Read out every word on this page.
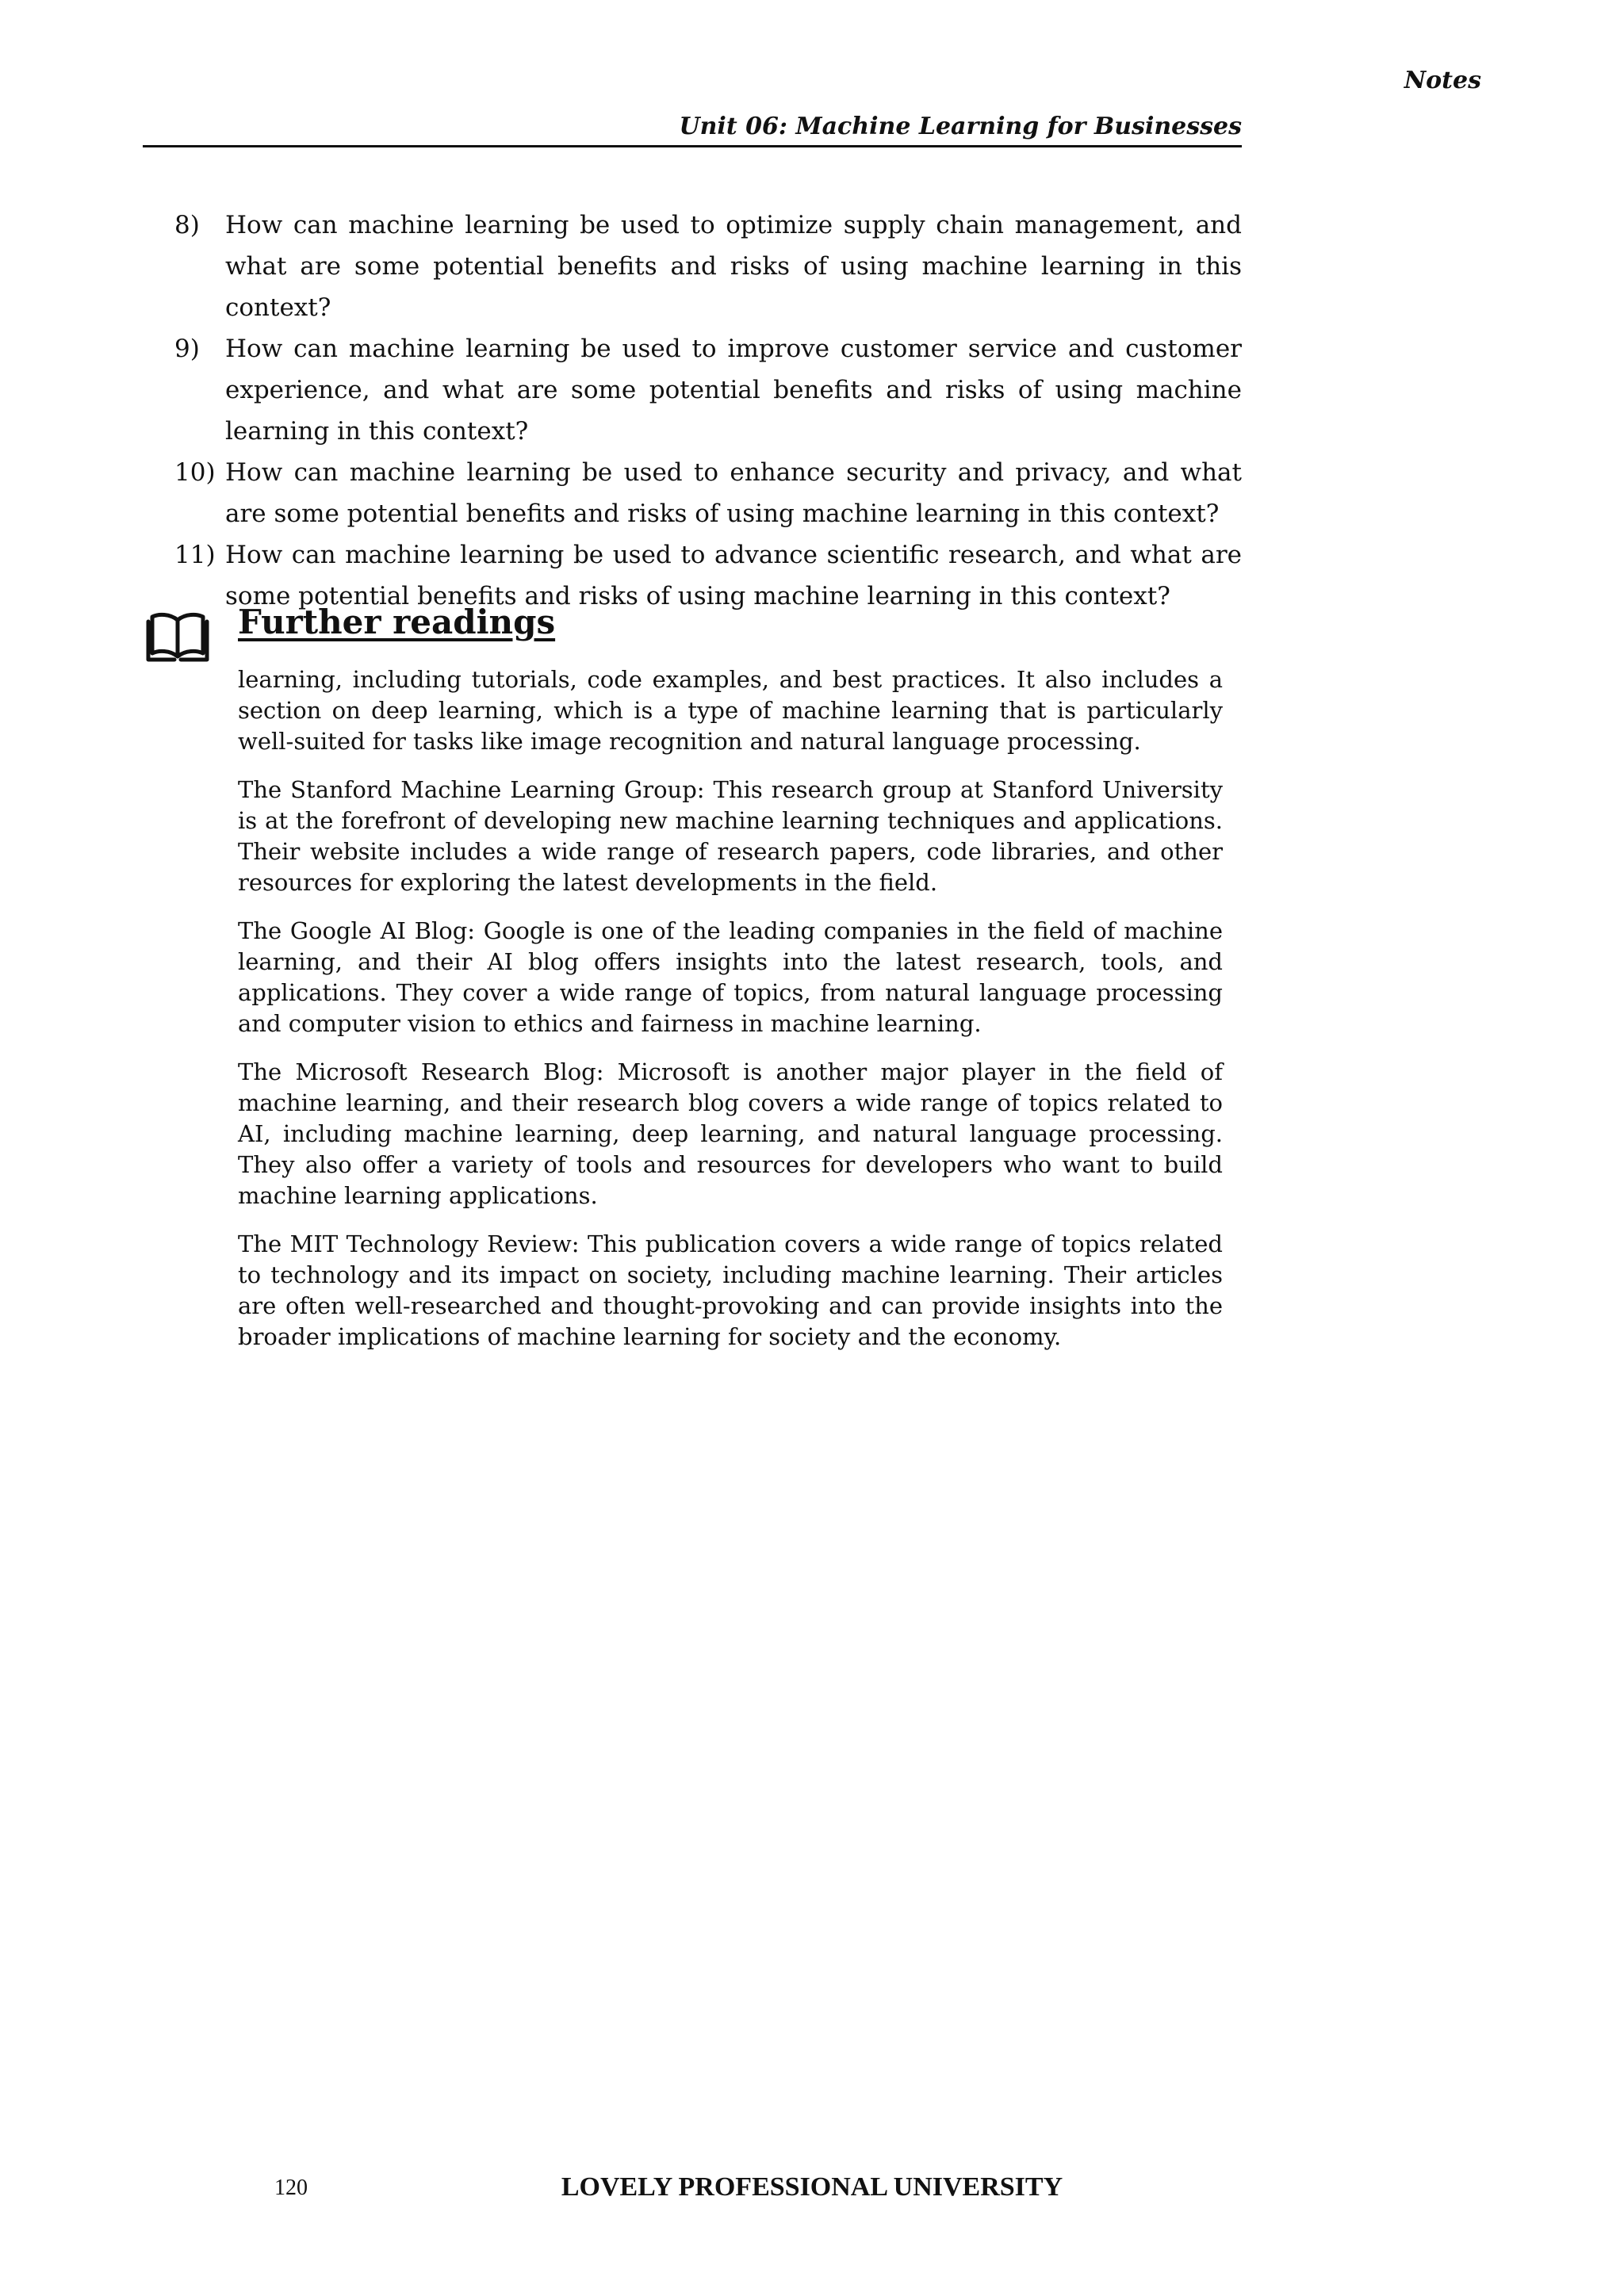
Notes
Unit 06: Machine Learning for Businesses
8) How can machine learning be used to optimize supply chain management, and what are some potential benefits and risks of using machine learning in this context?
9) How can machine learning be used to improve customer service and customer experience, and what are some potential benefits and risks of using machine learning in this context?
10) How can machine learning be used to enhance security and privacy, and what are some potential benefits and risks of using machine learning in this context?
11) How can machine learning be used to advance scientific research, and what are some potential benefits and risks of using machine learning in this context?
Further readings

learning, including tutorials, code examples, and best practices. It also includes a section on deep learning, which is a type of machine learning that is particularly well-suited for tasks like image recognition and natural language processing.

The Stanford Machine Learning Group: This research group at Stanford University is at the forefront of developing new machine learning techniques and applications. Their website includes a wide range of research papers, code libraries, and other resources for exploring the latest developments in the field.

The Google AI Blog: Google is one of the leading companies in the field of machine learning, and their AI blog offers insights into the latest research, tools, and applications. They cover a wide range of topics, from natural language processing and computer vision to ethics and fairness in machine learning.

The Microsoft Research Blog: Microsoft is another major player in the field of machine learning, and their research blog covers a wide range of topics related to AI, including machine learning, deep learning, and natural language processing. They also offer a variety of tools and resources for developers who want to build machine learning applications.

The MIT Technology Review: This publication covers a wide range of topics related to technology and its impact on society, including machine learning. Their articles are often well-researched and thought-provoking and can provide insights into the broader implications of machine learning for society and the economy.

120	LOVELY PROFESSIONAL UNIVERSITY
